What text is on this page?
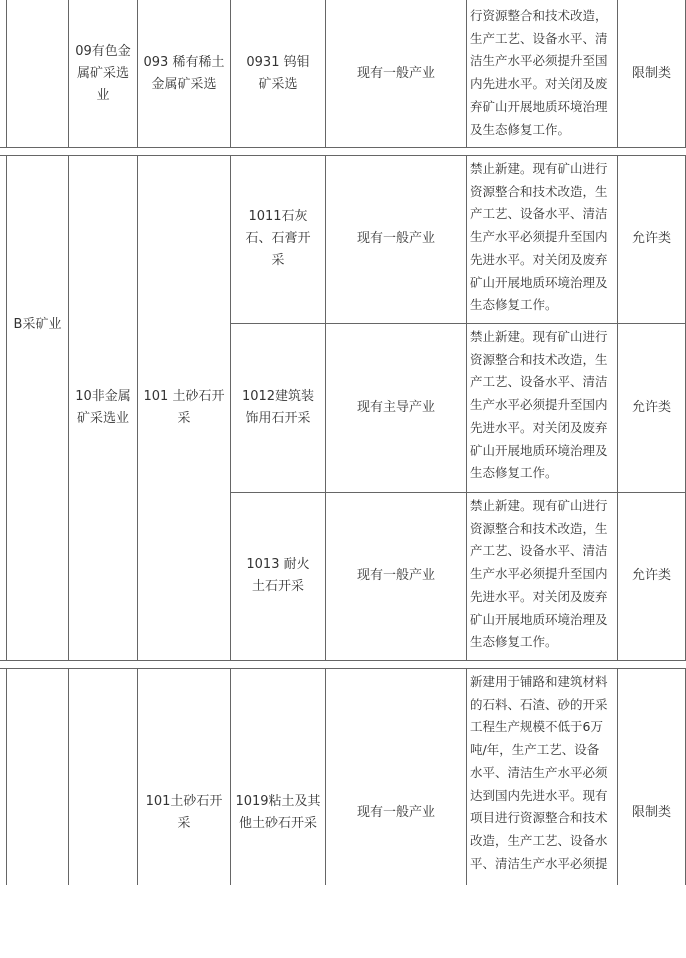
09有色金属矿采选业
093 稀有稀土金属矿采选
0931 钨钼矿采选
现有一般产业
行资源整合和技术改造，
生产工艺、设备水平、清
洁生产水平必须提升至国
内先进水平。对关闭及废
弃矿山开展地质环境治理
及生态修复工作。
限制类
B采矿业
10非金属矿采选业
101 土砂石开采
1011石灰石、石膏开采
现有一般产业
禁止新建。现有矿山进行
资源整合和技术改造，生
产工艺、设备水平、清洁
生产水平必须提升至国内
先进水平。对关闭及废弃
矿山开展地质环境治理及
生态修复工作。
允许类
1012建筑装饰用石开采
现有主导产业
禁止新建。现有矿山进行
资源整合和技术改造，生
产工艺、设备水平、清洁
生产水平必须提升至国内
先进水平。对关闭及废弃
矿山开展地质环境治理及
生态修复工作。
允许类
1013 耐火土石开采
现有一般产业
禁止新建。现有矿山进行
资源整合和技术改造，生
产工艺、设备水平、清洁
生产水平必须提升至国内
先进水平。对关闭及废弃
矿山开展地质环境治理及
生态修复工作。
允许类
101土砂石开采
1019粘土及其他土砂石开采
现有一般产业
新建用于铺路和建筑材料
的石料、石渣、砂的开采
工程生产规模不低于6万
吨/年，生产工艺、设备
水平、清洁生产水平必须
达到国内先进水平。现有
项目进行资源整合和技术
改造，生产工艺、设备水
平、清洁生产水平必须提
限制类
